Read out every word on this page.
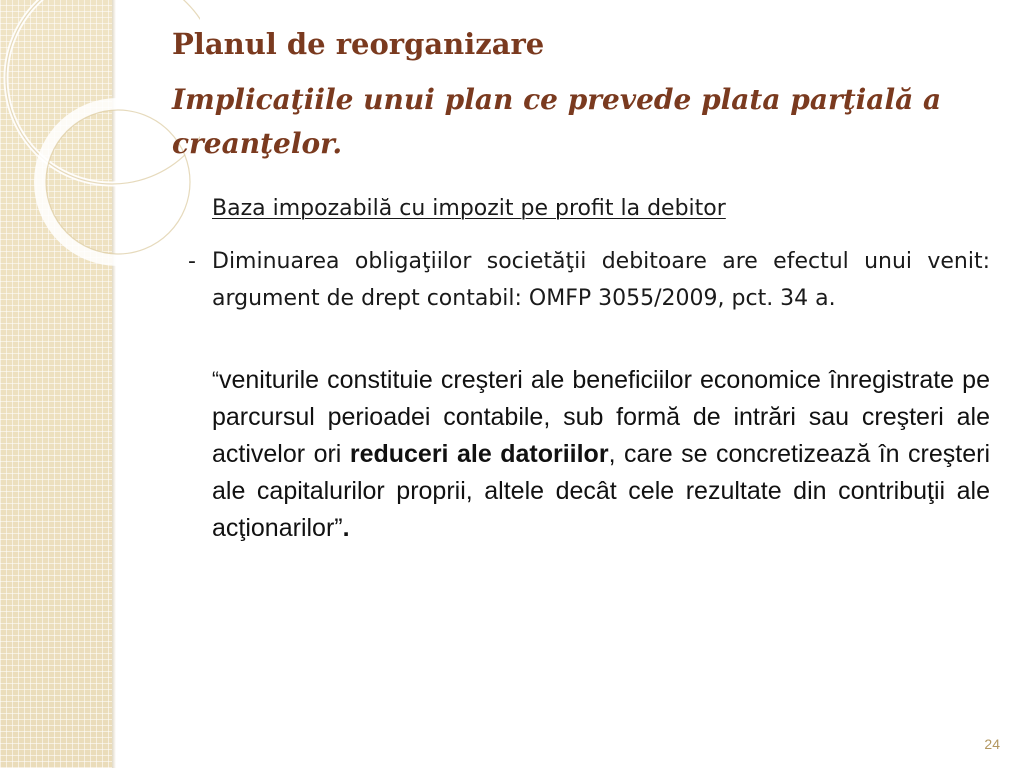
Planul de reorganizare
Implicaţiile unui plan ce prevede plata parţială a creanţelor.

Baza impozabilă cu impozit pe profit la debitor

- Diminuarea obligaţiilor societăţii debitoare are efectul unui venit: argument de drept contabil: OMFP 3055/2009, pct. 34 a.

“veniturile constituie creşteri ale beneficiilor economice înregistrate pe parcursul perioadei contabile, sub formă de intrări sau creşteri ale activelor ori reduceri ale datoriilor, care se concretizează în creşteri ale capitalurilor proprii, altele decât cele rezultate din contribuţii ale acţionarilor”.

24
